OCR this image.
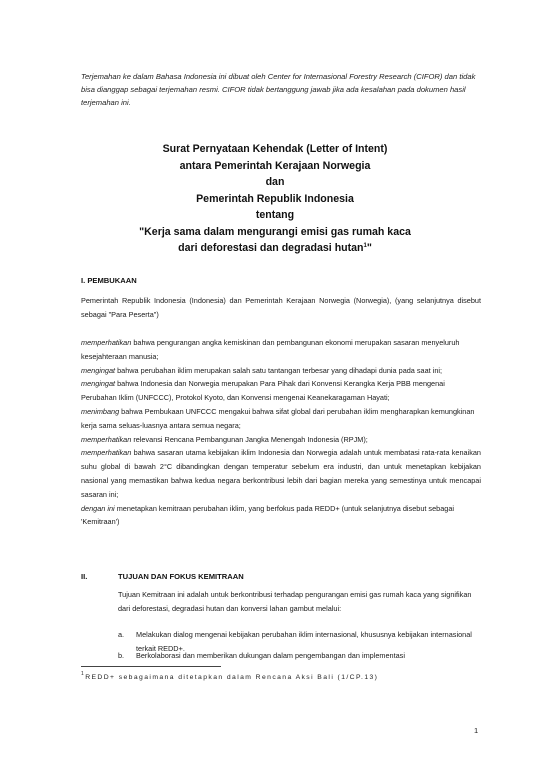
Terjemahan ke dalam Bahasa Indonesia ini dibuat oleh Center for Internasional Forestry Research (CIFOR) dan tidak bisa dianggap sebagai terjemahan resmi. CIFOR tidak bertanggung jawab jika ada kesalahan pada dokumen hasil terjemahan ini.
Surat Pernyataan Kehendak (Letter of Intent)
antara Pemerintah Kerajaan Norwegia
dan
Pemerintah Republik Indonesia
tentang
"Kerja sama dalam mengurangi emisi gas rumah kaca
dari deforestasi dan degradasi hutan$^1$"
I. PEMBUKAAN
Pemerintah Republik Indonesia (Indonesia) dan Pemerintah Kerajaan Norwegia (Norwegia), (yang selanjutnya disebut sebagai "Para Peserta")

memperhatikan bahwa pengurangan angka kemiskinan dan pembangunan ekonomi merupakan sasaran menyeluruh kesejahteraan manusia;

mengingat bahwa perubahan iklim merupakan salah satu tantangan terbesar yang dihadapi dunia pada saat ini;

mengingat bahwa Indonesia dan Norwegia merupakan Para Pihak dari Konvensi Kerangka Kerja PBB mengenai Perubahan Iklim (UNFCCC), Protokol Kyoto, dan Konvensi mengenai Keanekaragaman Hayati;

menimbang bahwa Pembukaan UNFCCC mengakui bahwa sifat global dari perubahan iklim mengharapkan kemungkinan kerja sama seluas-luasnya antara semua negara;

memperhatikan relevansi Rencana Pembangunan Jangka Menengah Indonesia (RPJM);

memperhatikan bahwa sasaran utama kebijakan iklim Indonesia dan Norwegia adalah untuk membatasi rata-rata kenaikan suhu global di bawah 2°C dibandingkan dengan temperatur sebelum era industri, dan untuk menetapkan kebijakan nasional yang memastikan bahwa kedua negara berkontribusi lebih dari bagian mereka yang semestinya untuk mencapai sasaran ini;

dengan ini menetapkan kemitraan perubahan iklim, yang berfokus pada REDD+ (untuk selanjutnya disebut sebagai 'Kemitraan')

II.	TUJUAN DAN FOKUS KEMITRAAN
Tujuan Kemitraan ini adalah untuk berkontribusi terhadap pengurangan emisi gas rumah kaca yang signifikan dari deforestasi, degradasi hutan dan konversi lahan gambut melalui:
a.	Melakukan dialog mengenai kebijakan perubahan iklim internasional, khususnya kebijakan internasional terkait REDD+.
b.	Berkolaborasi dan memberikan dukungan dalam pengembangan dan implementasi
$^1$REDD+ sebagaimana ditetapkan dalam Rencana Aksi Bali (1/CP.13)
1
